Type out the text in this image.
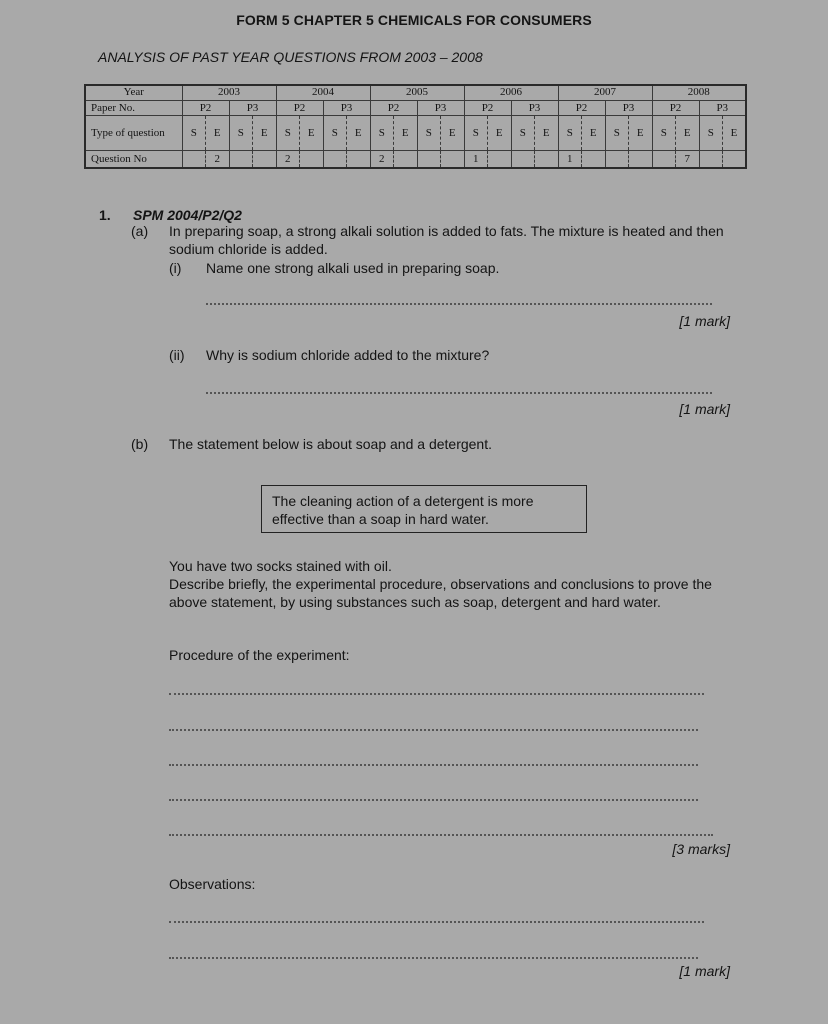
FORM 5 CHAPTER 5 CHEMICALS FOR CONSUMERS
ANALYSIS OF PAST YEAR QUESTIONS FROM 2003 – 2008
Year	2003				2004				2005				2006				2007				2008			
Paper No.	P2		P3		P2		P3		P2		P3		P2		P3		P2		P3		P2		P3	
Type of question	S	E	S	E	S	E	S	E	S	E	S	E	S	E	S	E	S	E	S	E	S	E	S	E
Question No		2			2				2				1				1					7		
1. SPM 2004/P2/Q2
(a) In preparing soap, a strong alkali solution is added to fats. The mixture is heated and then sodium chloride is added.
(i) Name one strong alkali used in preparing soap.
[1 mark]
(ii) Why is sodium chloride added to the mixture?
[1 mark]
(b) The statement below is about soap and a detergent.
The cleaning action of a detergent is more effective than a soap in hard water.
You have two socks stained with oil.
Describe briefly, the experimental procedure, observations and conclusions to prove the above statement, by using substances such as soap, detergent and hard water.
Procedure of the experiment:
[3 marks]
Observations:
[1 mark]
